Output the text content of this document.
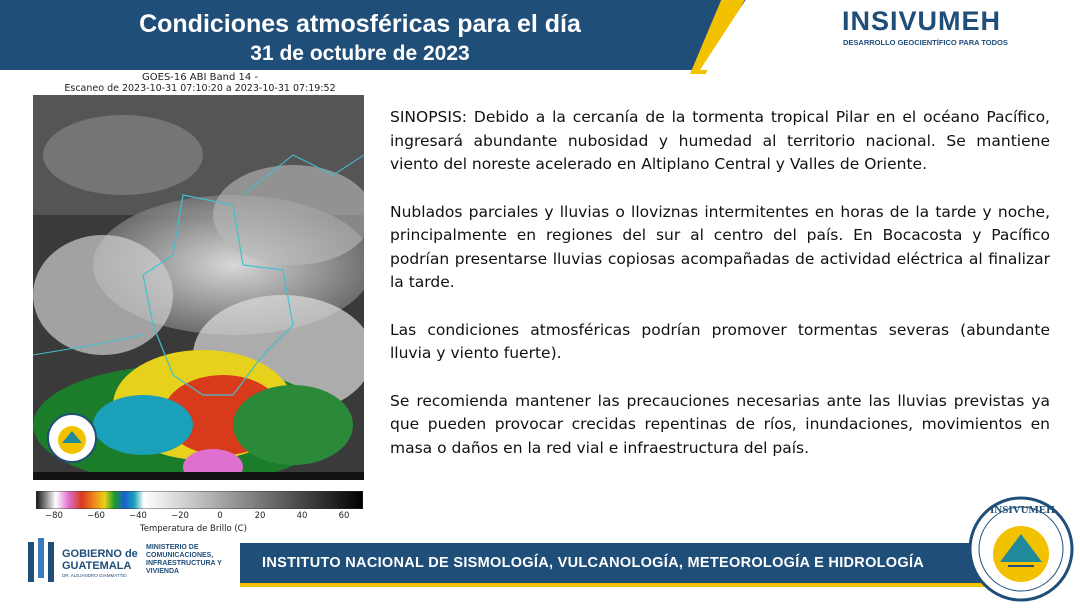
Condiciones atmosféricas para el día
31 de octubre de 2023
INSIVUMEH
DESARROLLO GEOCIENTÍFICO PARA TODOS
GOES-16 ABI Band 14 -
Escaneo de 2023-10-31 07:10:20 a 2023-10-31 07:19:52
−80	−60	−40	−20	0	20	40	60
Temperatura de Brillo (C)

SINOPSIS: Debido a la cercanía de la tormenta tropical Pilar en el océano Pacífico, ingresará abundante nubosidad y humedad al territorio nacional. Se mantiene viento del noreste acelerado en Altiplano Central y Valles de Oriente.

Nublados parciales y lluvias o lloviznas intermitentes en horas de la tarde y noche, principalmente en regiones del sur al centro del país. En Bocacosta y Pacífico podrían presentarse lluvias copiosas acompañadas de actividad eléctrica al finalizar la tarde.

Las condiciones atmosféricas podrían promover tormentas severas (abundante lluvia y viento fuerte).

Se recomienda mantener las precauciones necesarias ante las lluvias previstas ya que pueden provocar crecidas repentinas de ríos, inundaciones, movimientos en masa o daños en la red vial e infraestructura del país.

GOBIERNO de
GUATEMALA
DR. ALEJANDRO GIAMMATTEI
MINISTERIO DE COMUNICACIONES, INFRAESTRUCTURA Y VIVIENDA
INSTITUTO NACIONAL DE SISMOLOGÍA, VULCANOLOGÍA, METEOROLOGÍA E HIDROLOGÍA
INSIVUMEH
